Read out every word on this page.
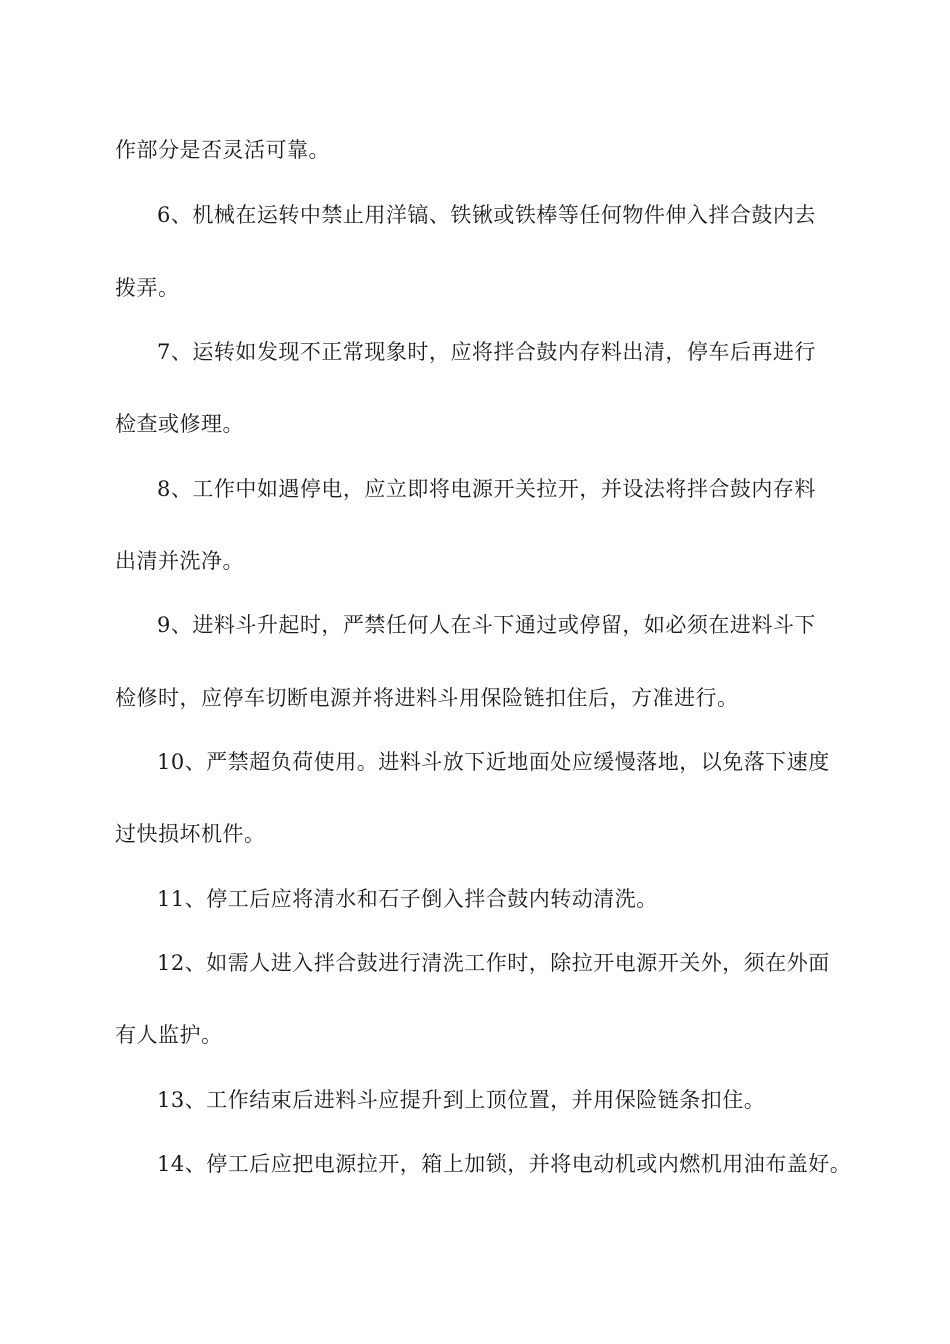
作部分是否灵活可靠。
6、机械在运转中禁止用洋镐、铁锹或铁棒等任何物件伸入拌合鼓内去
拨弄。
7、运转如发现不正常现象时，应将拌合鼓内存料出清，停车后再进行
检查或修理。
8、工作中如遇停电，应立即将电源开关拉开，并设法将拌合鼓内存料
出清并洗净。
9、进料斗升起时，严禁任何人在斗下通过或停留，如必须在进料斗下
检修时，应停车切断电源并将进料斗用保险链扣住后，方准进行。
10、严禁超负荷使用。进料斗放下近地面处应缓慢落地，以免落下速度
过快损坏机件。
11、停工后应将清水和石子倒入拌合鼓内转动清洗。
12、如需人进入拌合鼓进行清洗工作时，除拉开电源开关外，须在外面
有人监护。
13、工作结束后进料斗应提升到上顶位置，并用保险链条扣住。
14、停工后应把电源拉开，箱上加锁，并将电动机或内燃机用油布盖好。
